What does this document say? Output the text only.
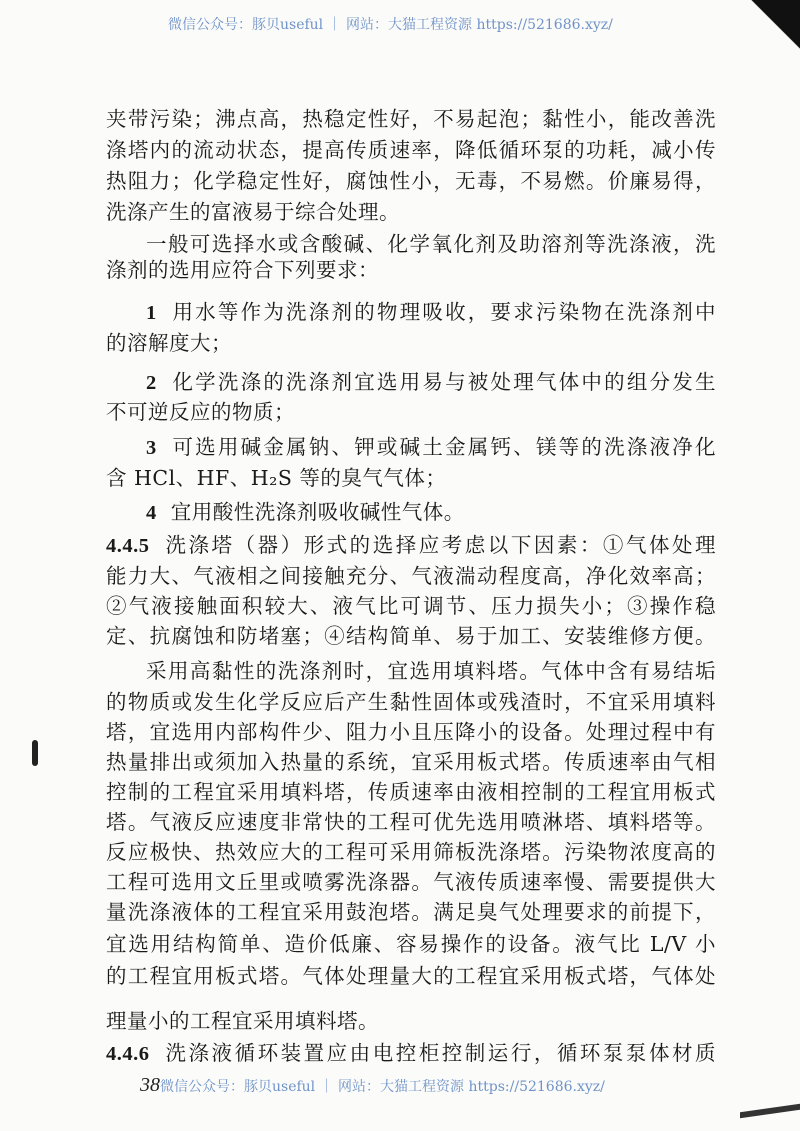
微信公众号：豚贝useful ｜ 网站：大猫工程资源 https://521686.xyz/
夹带污染；沸点高，热稳定性好，不易起泡；黏性小，能改善洗
涤塔内的流动状态，提高传质速率，降低循环泵的功耗，减小传
热阻力；化学稳定性好，腐蚀性小，无毒，不易燃。价廉易得，
洗涤产生的富液易于综合处理。
一般可选择水或含酸碱、化学氧化剂及助溶剂等洗涤液，洗
涤剂的选用应符合下列要求：
1 用水等作为洗涤剂的物理吸收，要求污染物在洗涤剂中
的溶解度大；
2 化学洗涤的洗涤剂宜选用易与被处理气体中的组分发生
不可逆反应的物质；
3 可选用碱金属钠、钾或碱土金属钙、镁等的洗涤液净化
含 HCl、HF、H₂S 等的臭气气体；
4 宜用酸性洗涤剂吸收碱性气体。
4.4.5 洗涤塔（器）形式的选择应考虑以下因素：①气体处理
能力大、气液相之间接触充分、气液湍动程度高，净化效率高；
②气液接触面积较大、液气比可调节、压力损失小；③操作稳
定、抗腐蚀和防堵塞；④结构简单、易于加工、安装维修方便。
采用高黏性的洗涤剂时，宜选用填料塔。气体中含有易结垢
的物质或发生化学反应后产生黏性固体或残渣时，不宜采用填料
塔，宜选用内部构件少、阻力小且压降小的设备。处理过程中有
热量排出或须加入热量的系统，宜采用板式塔。传质速率由气相
控制的工程宜采用填料塔，传质速率由液相控制的工程宜用板式
塔。气液反应速度非常快的工程可优先选用喷淋塔、填料塔等。
反应极快、热效应大的工程可采用筛板洗涤塔。污染物浓度高的
工程可选用文丘里或喷雾洗涤器。气液传质速率慢、需要提供大
量洗涤液体的工程宜采用鼓泡塔。满足臭气处理要求的前提下，
宜选用结构简单、造价低廉、容易操作的设备。液气比 L/V 小
的工程宜用板式塔。气体处理量大的工程宜采用板式塔，气体处
理量小的工程宜采用填料塔。
4.4.6 洗涤液循环装置应由电控柜控制运行，循环泵泵体材质
38微信公众号：豚贝useful ｜ 网站：大猫工程资源 https://521686.xyz/
